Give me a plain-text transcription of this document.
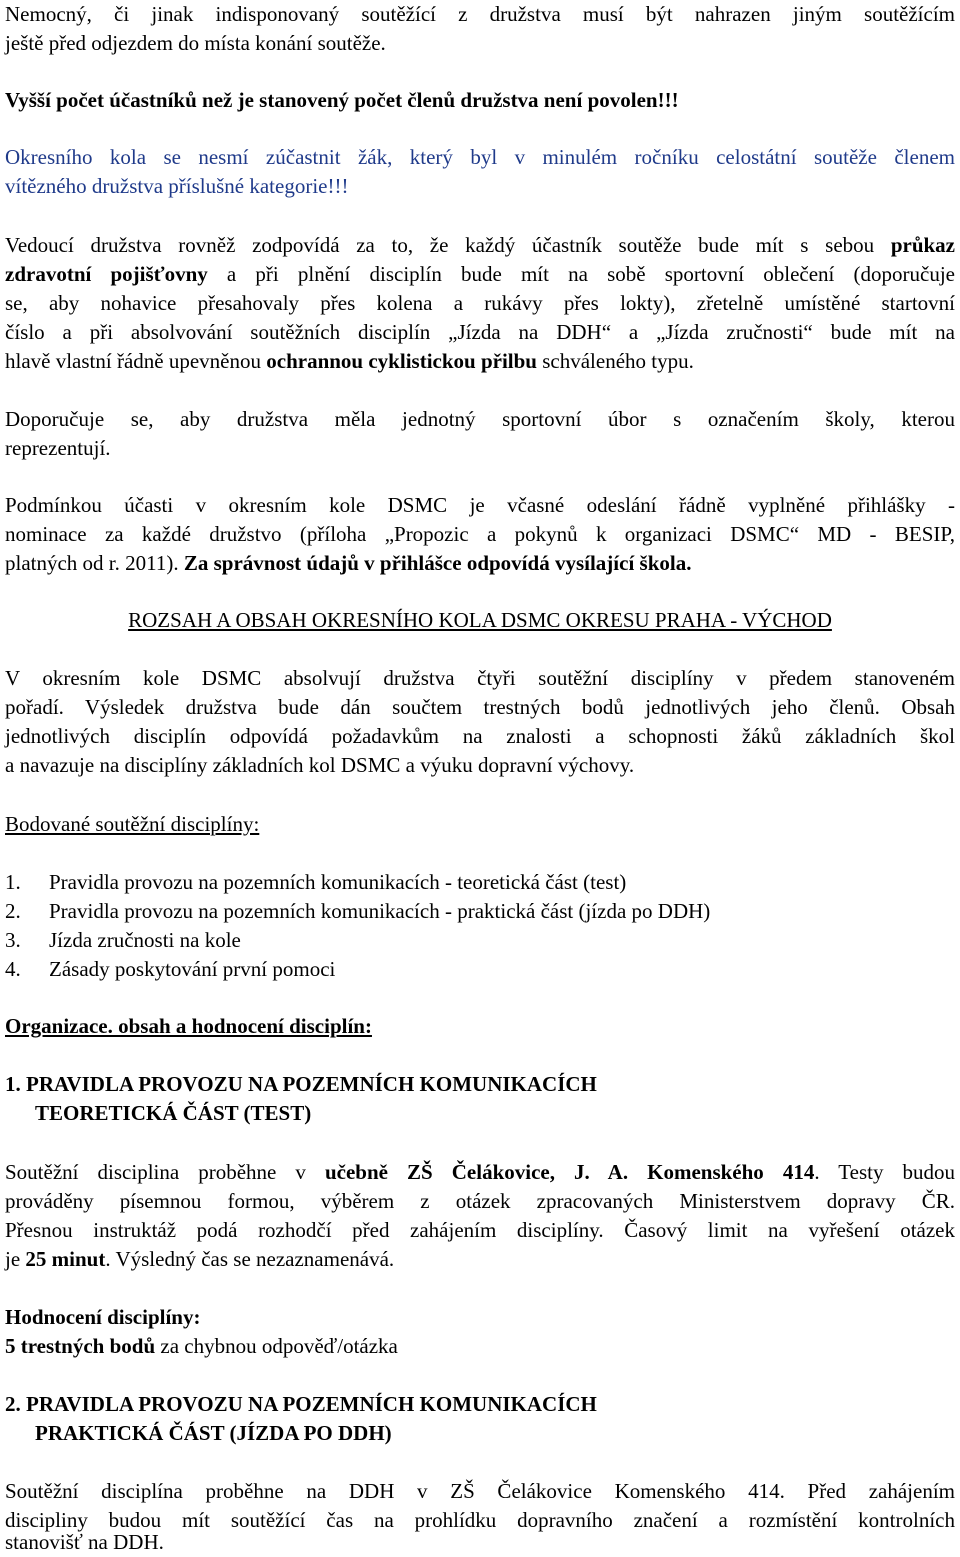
Nemocný, či jinak indisponovaný soutěžící z družstva musí být nahrazen jiným soutěžícím
ještě před odjezdem do místa konání soutěže.
Vyšší počet účastníků než je stanovený počet členů družstva není povolen!!!
Okresního kola se nesmí zúčastnit žák, který byl v minulém ročníku celostátní soutěže členem
vítězného družstva příslušné kategorie!!!
Vedoucí družstva rovněž zodpovídá za to, že každý účastník soutěže bude mít s sebou průkaz
zdravotní pojišťovny a při plnění disciplín bude mít na sobě sportovní oblečení (doporučuje
se, aby nohavice přesahovaly přes kolena a rukávy přes lokty), zřetelně umístěné startovní
číslo a při absolvování soutěžních disciplín „Jízda na DDH“ a „Jízda zručnosti“ bude mít na
hlavě vlastní řádně upevněnou ochrannou cyklistickou přilbu schváleného typu.
Doporučuje se, aby družstva měla jednotný sportovní úbor s označením školy, kterou
reprezentují.
Podmínkou účasti v okresním kole DSMC je včasné odeslání řádně vyplněné přihlášky -
nominace za každé družstvo (příloha „Propozic a pokynů k organizaci DSMC“ MD - BESIP,
platných od r. 2011). Za správnost údajů v přihlášce odpovídá vysílající škola.
ROZSAH A OBSAH OKRESNÍHO KOLA DSMC OKRESU PRAHA - VÝCHOD
V okresním kole DSMC absolvují družstva čtyři soutěžní disciplíny v předem stanoveném
pořadí. Výsledek družstva bude dán součtem trestných bodů jednotlivých jeho členů. Obsah
jednotlivých disciplín odpovídá požadavkům na znalosti a schopnosti žáků základních škol
a navazuje na disciplíny základních kol DSMC a výuku dopravní výchovy.
Bodované soutěžní disciplíny:
1. Pravidla provozu na pozemních komunikacích - teoretická část (test)
2. Pravidla provozu na pozemních komunikacích - praktická část (jízda po DDH)
3. Jízda zručnosti na kole
4. Zásady poskytování první pomoci
Organizace. obsah a hodnocení disciplín:
1. PRAVIDLA PROVOZU NA POZEMNÍCH KOMUNIKACÍCH
TEORETICKÁ ČÁST (TEST)
Soutěžní disciplina proběhne v učebně ZŠ Čelákovice, J. A. Komenského 414. Testy budou
prováděny písemnou formou, výběrem z otázek zpracovaných Ministerstvem dopravy ČR.
Přesnou instruktáž podá rozhodčí před zahájením disciplíny. Časový limit na vyřešení otázek
je 25 minut. Výsledný čas se nezaznamenává.
Hodnocení disciplíny:
5 trestných bodů za chybnou odpověď/otázka
2. PRAVIDLA PROVOZU NA POZEMNÍCH KOMUNIKACÍCH
PRAKTICKÁ ČÁST (JÍZDA PO DDH)
Soutěžní disciplína proběhne na DDH v ZŠ Čelákovice Komenského 414. Před zahájením
discipliny budou mít soutěžící čas na prohlídku dopravního značení a rozmístění kontrolních
stanovišť na DDH.
